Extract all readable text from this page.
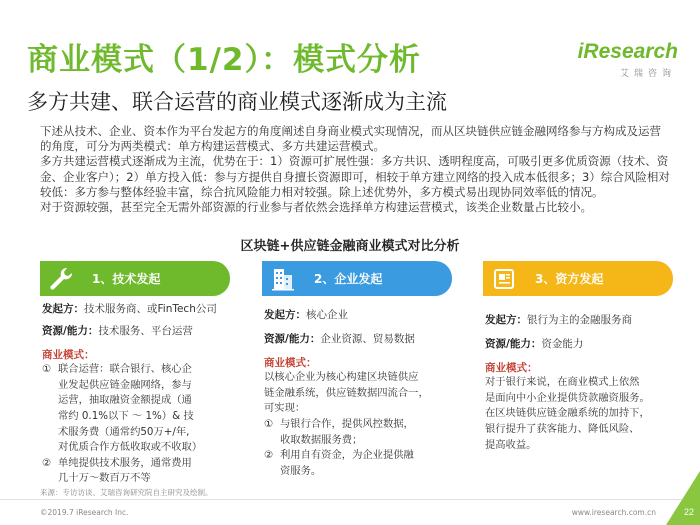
商业模式（1/2）：模式分析
多方共建、联合运营的商业模式逐渐成为主流
iResearch
艾瑞咨询

下述从技术、企业、资本作为平台发起方的角度阐述自身商业模式实现情况，而从区块链供应链金融网络参与方构成及运营的角度，可分为两类模式：单方构建运营模式、多方共建运营模式。

多方共建运营模式逐渐成为主流，优势在于：1）资源可扩展性强：多方共识、透明程度高，可吸引更多优质资源（技术、资金、企业客户）；2）单方投入低：参与方提供自身擅长资源即可，相较于单方建立网络的投入成本低很多；3）综合风险相对较低：多方参与整体经验丰富，综合抗风险能力相对较强。除上述优势外，多方模式易出现协同效率低的情况。

对于资源较强，甚至完全无需外部资源的行业参与者依然会选择单方构建运营模式，该类企业数量占比较小。

区块链+供应链金融商业模式对比分析
1、技术发起
发起方：技术服务商、或FinTech公司
资源/能力：技术服务、平台运营
商业模式：
① 联合运营：联合银行、核心企
业发起供应链金融网络，参与
运营，抽取融资金额提成（通
常约 0.1%以下 ～ 1%）& 技
术服务费（通常约50万+/年,
对优质合作方低收取或不收取）
② 单纯提供技术服务，通常费用
几十万～数百万不等
2、企业发起
发起方：核心企业
资源/能力：企业资源、贸易数据
商业模式：
以核心企业为核心构建区块链供应
链金融系统，供应链数据四流合一，
可实现：
① 与银行合作，提供风控数据，
收取数据服务费；
② 利用自有资金，为企业提供融
资服务。
3、资方发起
发起方：银行为主的金融服务商
资源/能力：资金能力
商业模式：
对于银行来说，在商业模式上依然
是面向中小企业提供贷款融资服务。
在区块链供应链金融系统的加持下，
银行提升了获客能力、降低风险、
提高收益。
来源：专访访谈、艾瑞咨询研究院自主研究及绘制。
©2019.7 iResearch Inc.	www.iresearch.com.cn	22
